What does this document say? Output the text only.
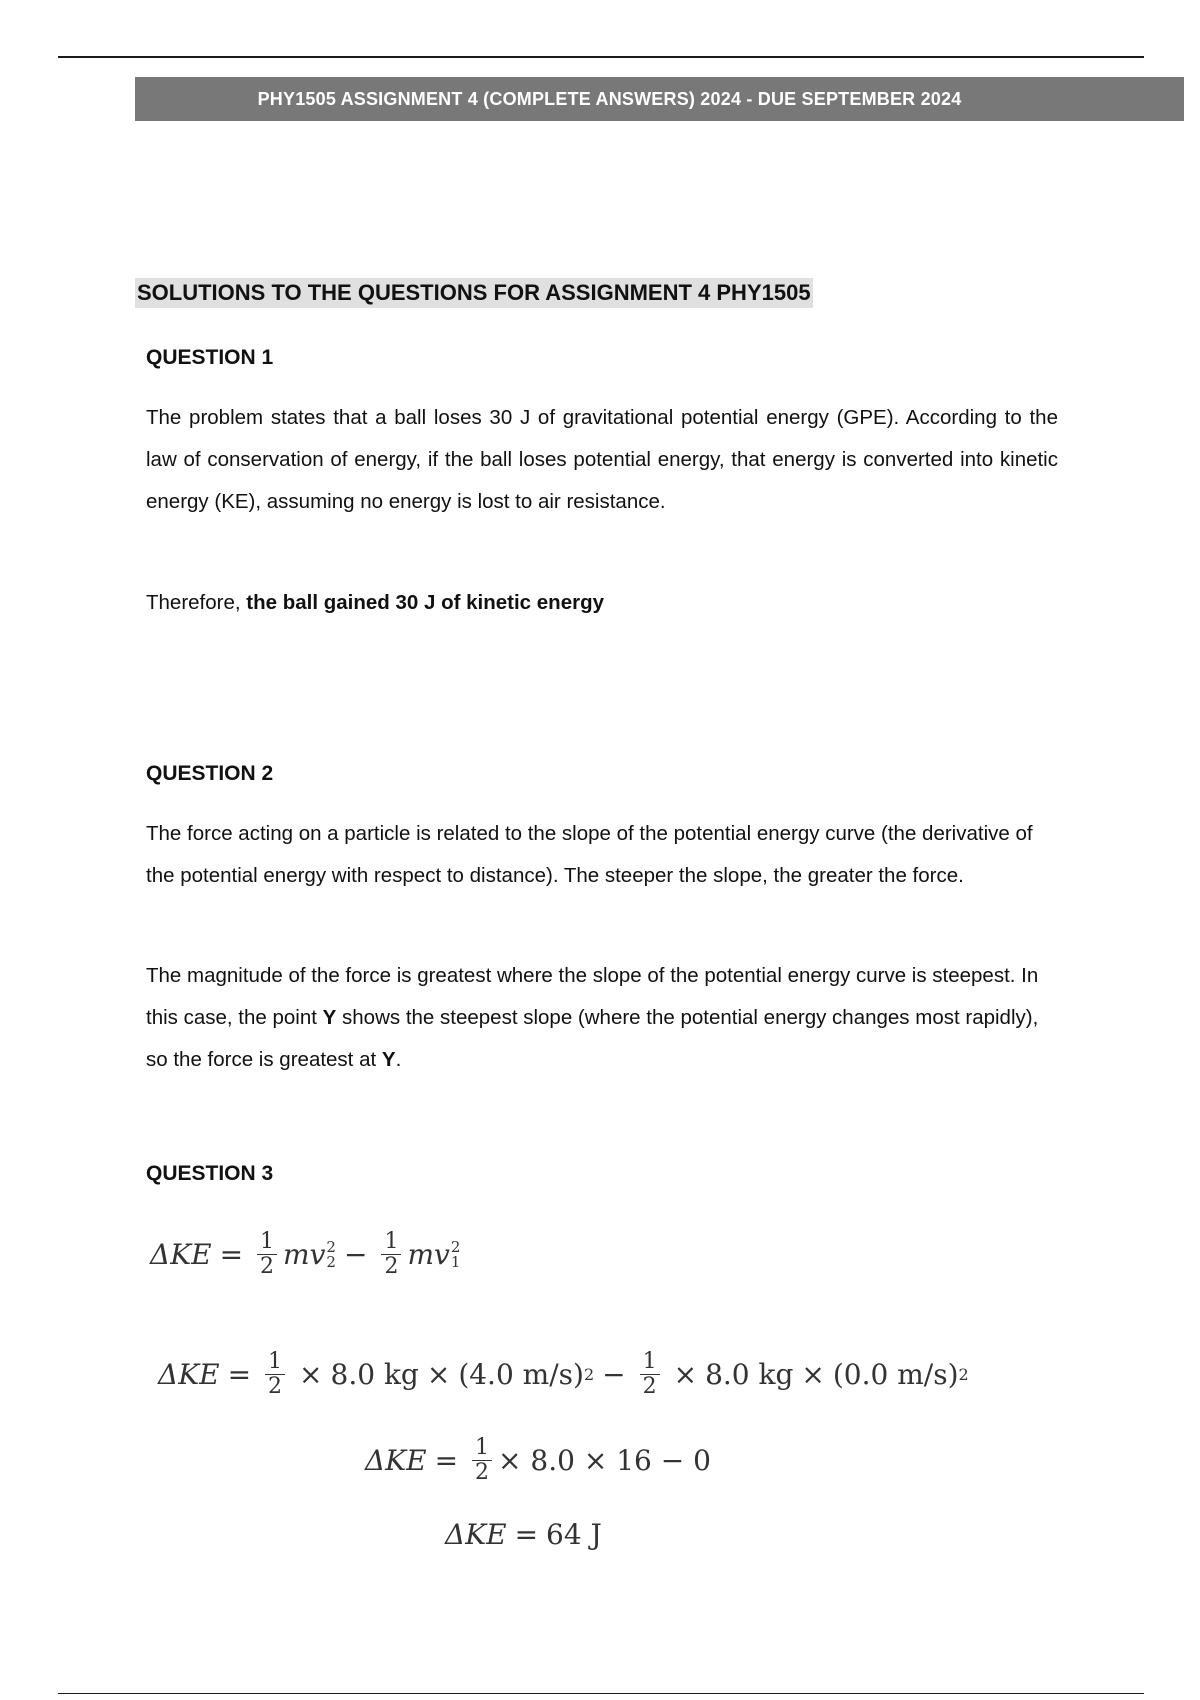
PHY1505 ASSIGNMENT 4 (COMPLETE ANSWERS) 2024 - DUE SEPTEMBER 2024
SOLUTIONS TO THE QUESTIONS FOR ASSIGNMENT 4 PHY1505
QUESTION 1

The problem states that a ball loses 30 J of gravitational potential energy (GPE). According to the law of conservation of energy, if the ball loses potential energy, that energy is converted into kinetic energy (KE), assuming no energy is lost to air resistance.

Therefore, the ball gained 30 J of kinetic energy

QUESTION 2

The force acting on a particle is related to the slope of the potential energy curve (the derivative of the potential energy with respect to distance). The steeper the slope, the greater the force.

The magnitude of the force is greatest where the slope of the potential energy curve is steepest. In this case, the point Y shows the steepest slope (where the potential energy changes most rapidly), so the force is greatest at Y.

QUESTION 3
$\Delta KE = \frac{1}{2}$ mv 2
$2 - \frac{1}{2}$ mv 2
1
$\Delta KE = \frac{1}{2} \times 8.0$ kg × (4.0 m/s) $2 - \frac{1}{2} \times 8.0$ kg × (0.0 m/s) 2
$\Delta KE = \frac{1}{2} \times 8.0 \times 16 - 0$
ΔKE = 64 J
